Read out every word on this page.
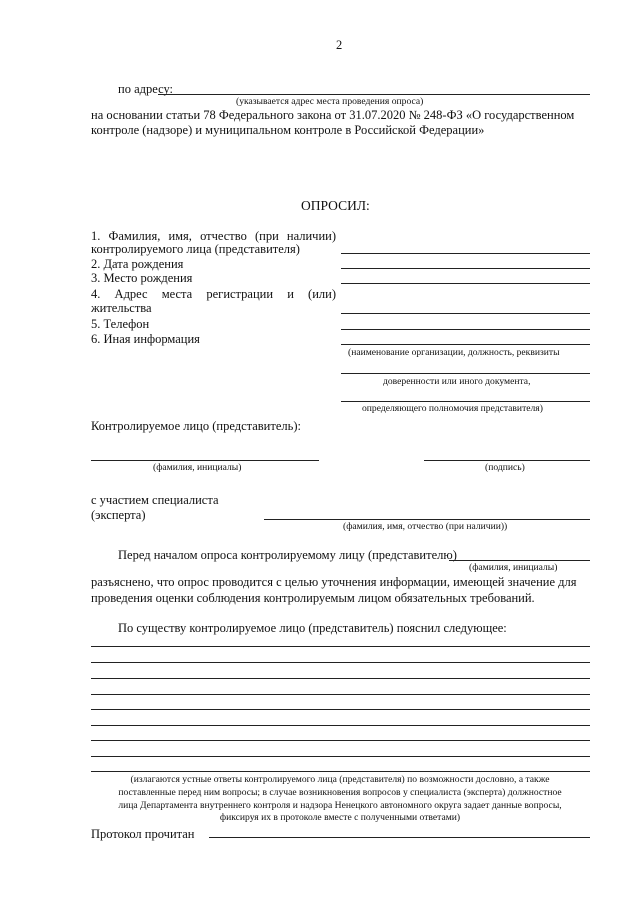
2
по адресу:
(указывается адрес места проведения опроса)
на основании статьи 78 Федерального закона от 31.07.2020 № 248-ФЗ «О государственном
контроле (надзоре) и муниципальном контроле в Российской Федерации»
ОПРОСИЛ:
1. Фамилия, имя, отчество (при наличии)
контролируемого лица (представителя)
2. Дата рождения
3. Место рождения
4. Адрес места регистрации и (или)
жительства
5. Телефон
6. Иная информация
(наименование организации, должность, реквизиты
доверенности или иного документа,
определяющего полномочия представителя)
Контролируемое лицо (представитель):
(фамилия, инициалы)	(подпись)
с участием специалиста
(эксперта)
(фамилия, имя, отчество (при наличии))
Перед началом опроса контролируемому лицу (представителю)
(фамилия, инициалы)
разъяснено, что опрос проводится с целью уточнения информации, имеющей значение для
проведения оценки соблюдения контролируемым лицом обязательных требований.
По существу контролируемое лицо (представитель) пояснил следующее:
(излагаются устные ответы контролируемого лица (представителя) по возможности дословно, а также
поставленные перед ним вопросы; в случае возникновения вопросов у специалиста (эксперта) должностное
лица Департамента внутреннего контроля и надзора Ненецкого автономного округа задает данные вопросы,
фиксируя их в протоколе вместе с полученными ответами)
Протокол прочитан
